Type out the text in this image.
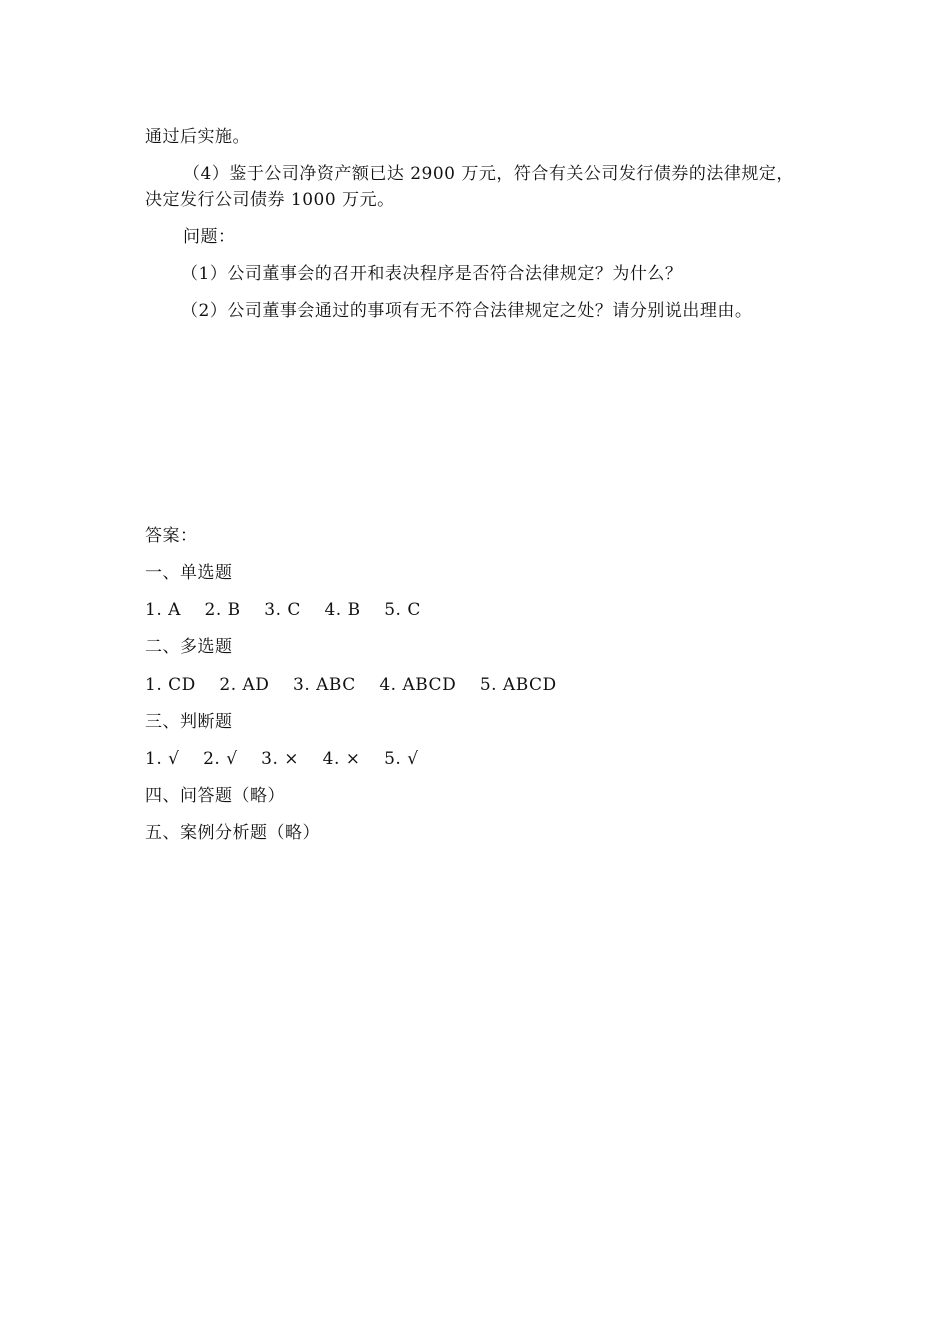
通过后实施。
（4）鉴于公司净资产额已达 2900 万元，符合有关公司发行债券的法律规定，
决定发行公司债券 1000 万元。
问题：
（1）公司董事会的召开和表决程序是否符合法律规定？为什么？
（2）公司董事会通过的事项有无不符合法律规定之处？请分别说出理由。
答案：
一、单选题
1. A    2. B    3. C    4. B    5. C
二、多选题
1. CD    2. AD    3. ABC    4. ABCD    5. ABCD
三、判断题
1. √    2. √    3. ×    4. ×    5. √
四、问答题（略）
五、案例分析题（略）
